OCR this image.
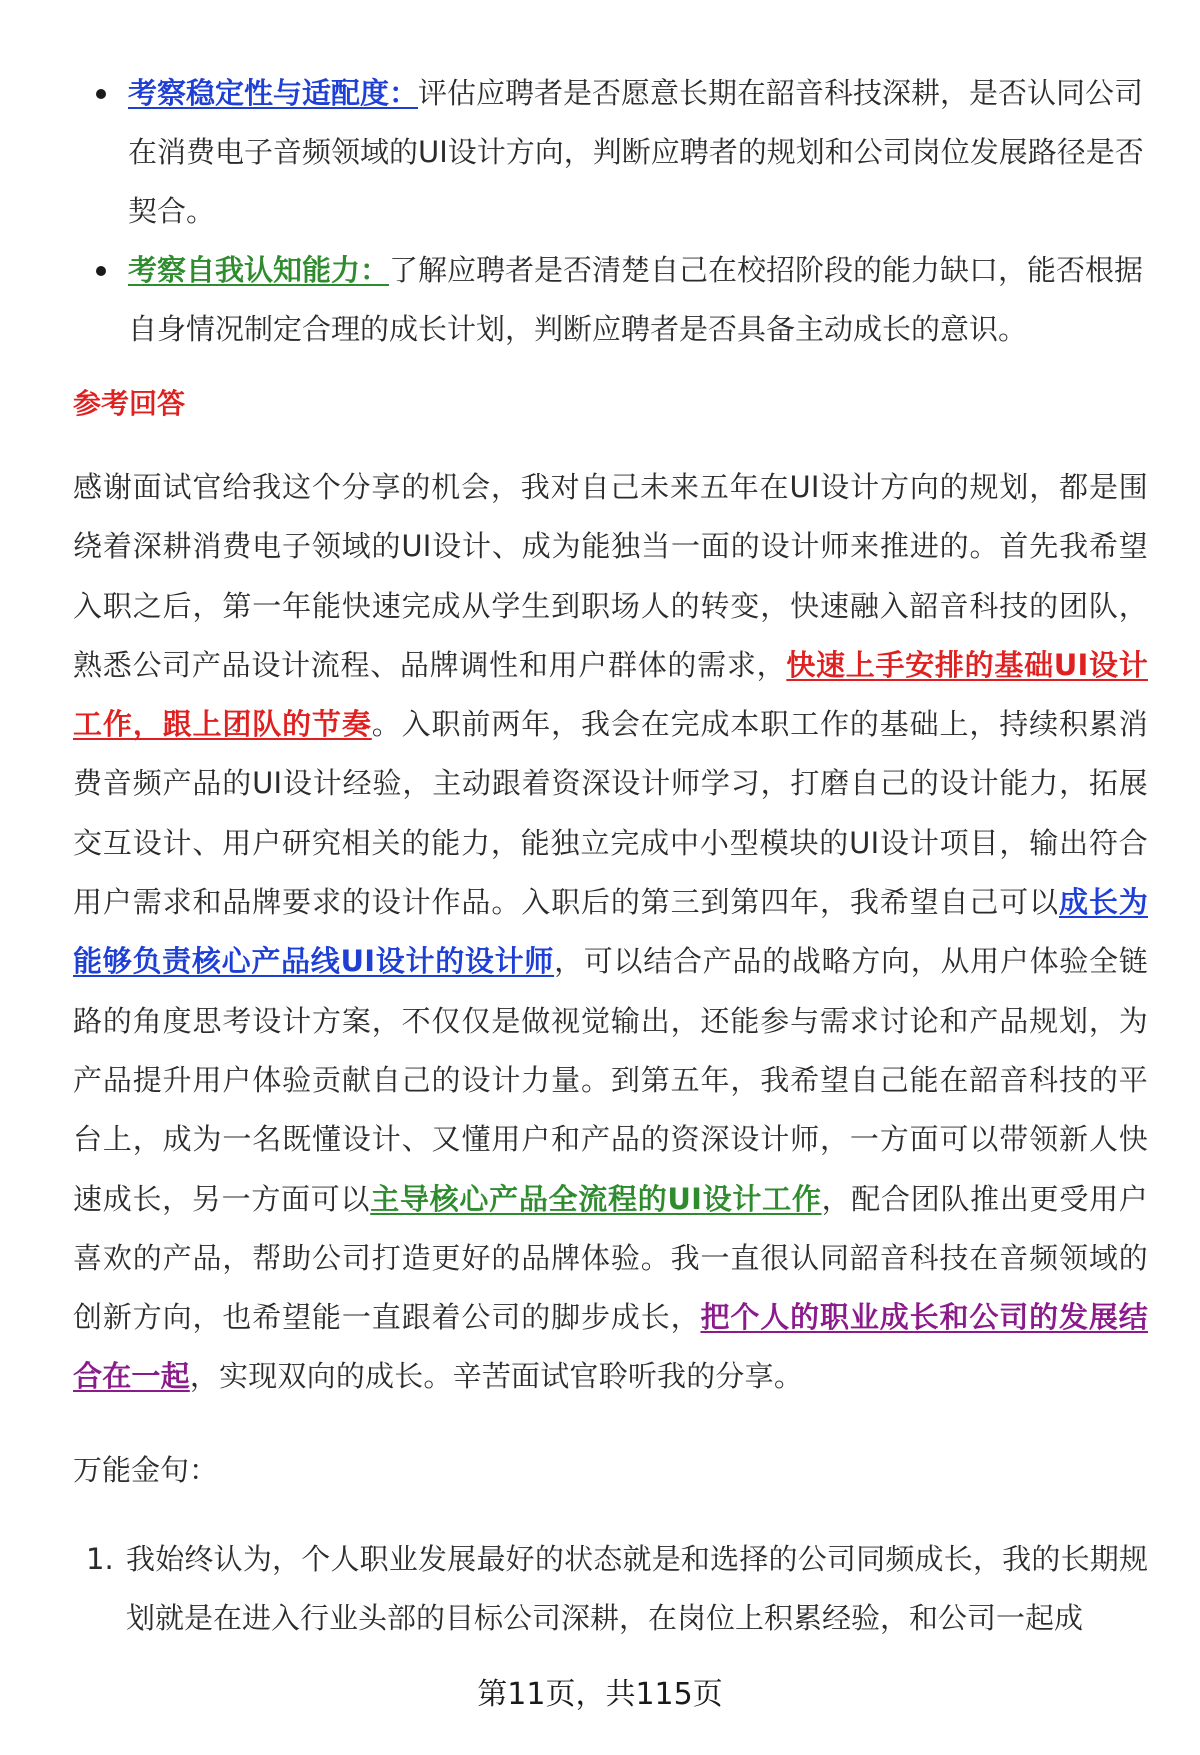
考察稳定性与适配度：评估应聘者是否愿意长期在韶音科技深耕，是否认同公司在消费电子音频领域的UI设计方向，判断应聘者的规划和公司岗位发展路径是否契合。
考察自我认知能力：了解应聘者是否清楚自己在校招阶段的能力缺口，能否根据自身情况制定合理的成长计划，判断应聘者是否具备主动成长的意识。
参考回答

感谢面试官给我这个分享的机会，我对自己未来五年在UI设计方向的规划，都是围绕着深耕消费电子领域的UI设计、成为能独当一面的设计师来推进的。首先我希望入职之后，第一年能快速完成从学生到职场人的转变，快速融入韶音科技的团队，熟悉公司产品设计流程、品牌调性和用户群体的需求，快速上手安排的基础UI设计工作，跟上团队的节奏。入职前两年，我会在完成本职工作的基础上，持续积累消费音频产品的UI设计经验，主动跟着资深设计师学习，打磨自己的设计能力，拓展交互设计、用户研究相关的能力，能独立完成中小型模块的UI设计项目，输出符合用户需求和品牌要求的设计作品。入职后的第三到第四年，我希望自己可以成长为能够负责核心产品线UI设计的设计师，可以结合产品的战略方向，从用户体验全链路的角度思考设计方案，不仅仅是做视觉输出，还能参与需求讨论和产品规划，为产品提升用户体验贡献自己的设计力量。到第五年，我希望自己能在韶音科技的平台上，成为一名既懂设计、又懂用户和产品的资深设计师，一方面可以带领新人快速成长，另一方面可以主导核心产品全流程的UI设计工作，配合团队推出更受用户喜欢的产品，帮助公司打造更好的品牌体验。我一直很认同韶音科技在音频领域的创新方向，也希望能一直跟着公司的脚步成长，把个人的职业成长和公司的发展结合在一起，实现双向的成长。辛苦面试官聆听我的分享。

万能金句：

1. 我始终认为，个人职业发展最好的状态就是和选择的公司同频成长，我的长期规划就是在进入行业头部的目标公司深耕，在岗位上积累经验，和公司一起成
第11页，共115页
